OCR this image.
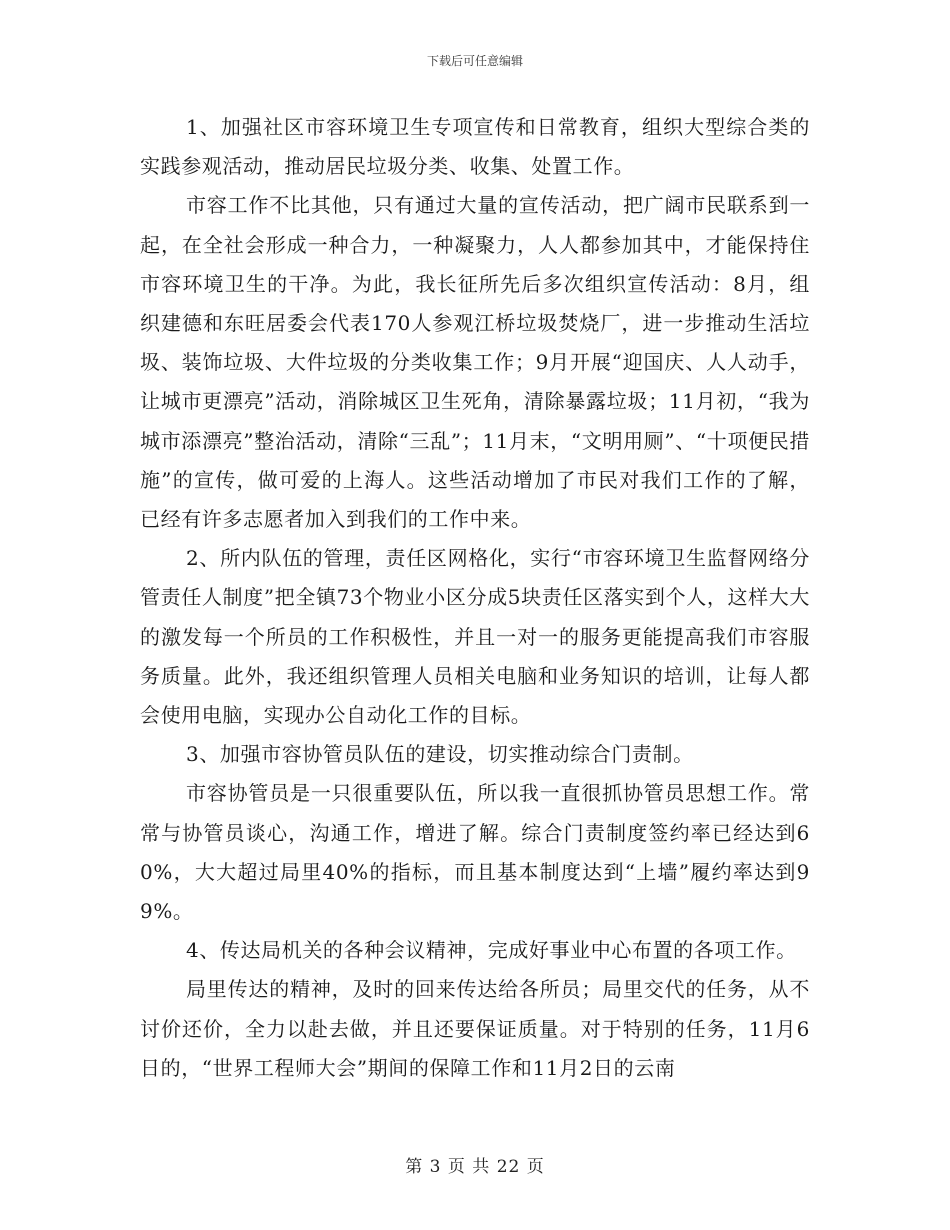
下载后可任意编辑

1、加强社区市容环境卫生专项宣传和日常教育，组织大型综合类的实践参观活动，推动居民垃圾分类、收集、处置工作。

市容工作不比其他，只有通过大量的宣传活动，把广阔市民联系到一起，在全社会形成一种合力，一种凝聚力，人人都参加其中，才能保持住市容环境卫生的干净。为此，我长征所先后多次组织宣传活动：8月，组织建德和东旺居委会代表170人参观江桥垃圾焚烧厂，进一步推动生活垃圾、装饰垃圾、大件垃圾的分类收集工作；9月开展“迎国庆、人人动手，让城市更漂亮”活动，消除城区卫生死角，清除暴露垃圾；11月初，“我为城市添漂亮”整治活动，清除“三乱”；11月末，“文明用厕”、“十项便民措施”的宣传，做可爱的上海人。这些活动增加了市民对我们工作的了解，已经有许多志愿者加入到我们的工作中来。

2、所内队伍的管理，责任区网格化，实行“市容环境卫生监督网络分管责任人制度”把全镇73个物业小区分成5块责任区落实到个人，这样大大的激发每一个所员的工作积极性，并且一对一的服务更能提高我们市容服务质量。此外，我还组织管理人员相关电脑和业务知识的培训，让每人都会使用电脑，实现办公自动化工作的目标。

3、加强市容协管员队伍的建设，切实推动综合门责制。

市容协管员是一只很重要队伍，所以我一直很抓协管员思想工作。常常与协管员谈心，沟通工作，增进了解。综合门责制度签约率已经达到60%，大大超过局里40%的指标，而且基本制度达到“上墙”履约率达到99%。

4、传达局机关的各种会议精神，完成好事业中心布置的各项工作。

局里传达的精神，及时的回来传达给各所员；局里交代的任务，从不讨价还价，全力以赴去做，并且还要保证质量。对于特别的任务，11月6日的，“世界工程师大会”期间的保障工作和11月2日的云南

第 3 页 共 22 页
